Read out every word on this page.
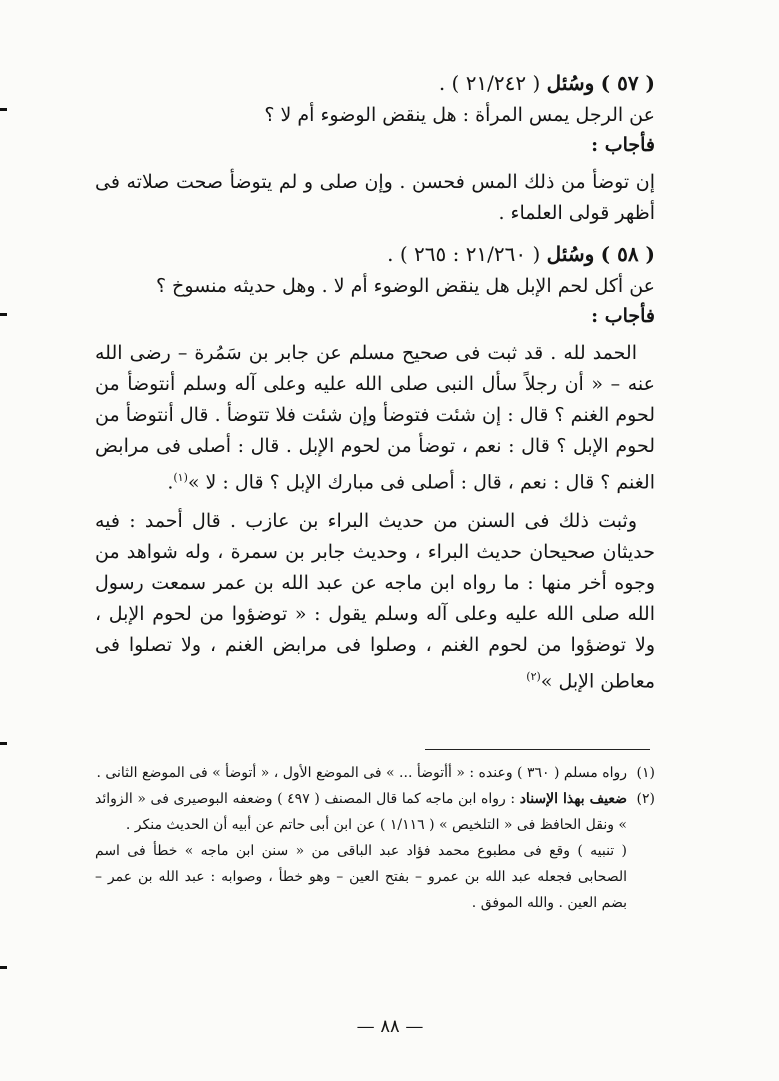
( ٥٧ ) وسُئل ( ٢١/٢٤٢ ) .

عن الرجل يمس المرأة : هل ينقض الوضوء أم لا ؟

فأجاب :

إن توضأ من ذلك المس فحسن . وإن صلى و لم يتوضأ صحت صلاته فى أظهر قولى العلماء .

( ٥٨ ) وسُئل ( ٢١/٢٦٠ : ٢٦٥ ) .

عن أكل لحم الإبل هل ينقض الوضوء أم لا . وهل حديثه منسوخ ؟

فأجاب :

الحمد لله . قد ثبت فى صحيح مسلم عن جابر بن سَمُرة – رضى الله عنه – « أن رجلاً سأل النبى صلى الله عليه وعلى آله وسلم أنتوضأ من لحوم الغنم ؟ قال : إن شئت فتوضأ وإن شئت فلا تتوضأ . قال أنتوضأ من لحوم الإبل ؟ قال : نعم ، توضأ من لحوم الإبل . قال : أصلى فى مرابض الغنم ؟ قال : نعم ، قال : أصلى فى مبارك الإبل ؟ قال : لا »$^{(١)}$.

وثبت ذلك فى السنن من حديث البراء بن عازب . قال أحمد : فيه حديثان صحيحان حديث البراء ، وحديث جابر بن سمرة ، وله شواهد من وجوه أخر منها : ما رواه ابن ماجه عن عبد الله بن عمر سمعت رسول الله صلى الله عليه وعلى آله وسلم يقول : « توضؤوا من لحوم الإبل ، ولا توضؤوا من لحوم الغنم ، وصلوا فى مرابض الغنم ، ولا تصلوا فى معاطن الإبل »$^{(٢)}$

(١)
رواه مسلم ( ٣٦٠ ) وعنده : « أأتوضأ ... » فى الموضع الأول ، « أتوضأ » فى الموضع الثانى .
(٢)
ضعيف بهذا الإسناد : رواه ابن ماجه كما قال المصنف ( ٤٩٧ ) وضعفه البوصيرى فى « الزوائد » ونقل الحافظ فى « التلخيص » ( ١/١١٦ ) عن ابن أبى حاتم عن أبيه أن الحديث منكر .
( تنبيه ) وقع فى مطبوع محمد فؤاد عبد الباقى من « سنن ابن ماجه » خطأ فى اسم الصحابى فجعله عبد الله بن عمرو – بفتح العين – وهو خطأ ، وصوابه : عبد الله بن عمر – بضم العين . والله الموفق .
— ٨٨ —
